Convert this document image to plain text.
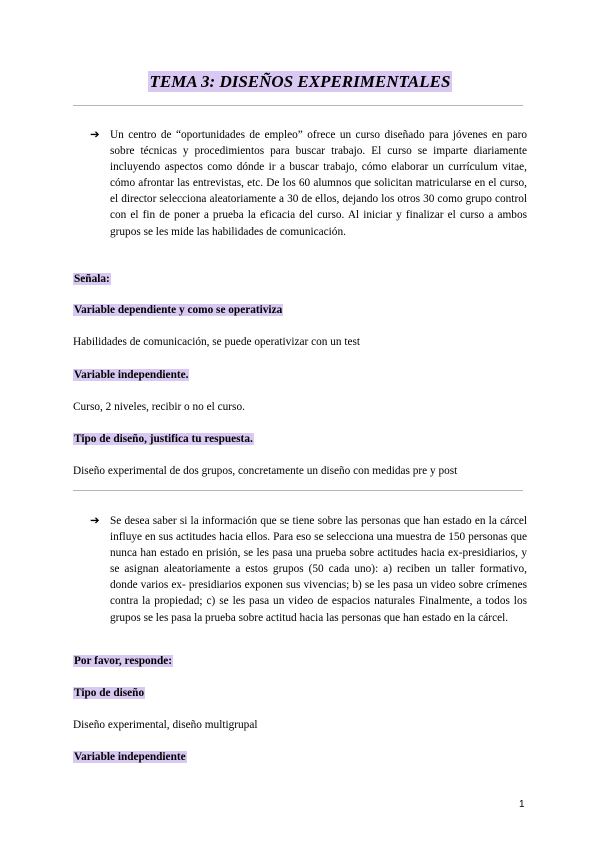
TEMA 3: DISEÑOS EXPERIMENTALES
➔ Un centro de “oportunidades de empleo” ofrece un curso diseñado para jóvenes en paro sobre técnicas y procedimientos para buscar trabajo. El curso se imparte diariamente incluyendo aspectos como dónde ir a buscar trabajo, cómo elaborar un currículum vitae, cómo afrontar las entrevistas, etc. De los 60 alumnos que solicitan matricularse en el curso, el director selecciona aleatoriamente a 30 de ellos, dejando los otros 30 como grupo control con el fin de poner a prueba la eficacia del curso. Al iniciar y finalizar el curso a ambos grupos se les mide las habilidades de comunicación.
Señala:
Variable dependiente y como se operativiza
Habilidades de comunicación, se puede operativizar con un test
Variable independiente.
Curso, 2 niveles, recibir o no el curso.
Tipo de diseño, justifica tu respuesta.
Diseño experimental de dos grupos, concretamente un diseño con medidas pre y post
➔ Se desea saber si la información que se tiene sobre las personas que han estado en la cárcel influye en sus actitudes hacia ellos. Para eso se selecciona una muestra de 150 personas que nunca han estado en prisión, se les pasa una prueba sobre actitudes hacia ex-presidiarios, y se asignan aleatoriamente a estos grupos (50 cada uno): a) reciben un taller formativo, donde varios ex- presidiarios exponen sus vivencias; b) se les pasa un video sobre crímenes contra la propiedad; c) se les pasa un video de espacios naturales Finalmente, a todos los grupos se les pasa la prueba sobre actitud hacia las personas que han estado en la cárcel.
Por favor, responde:
Tipo de diseño
Diseño experimental, diseño multigrupal
Variable independiente
1
